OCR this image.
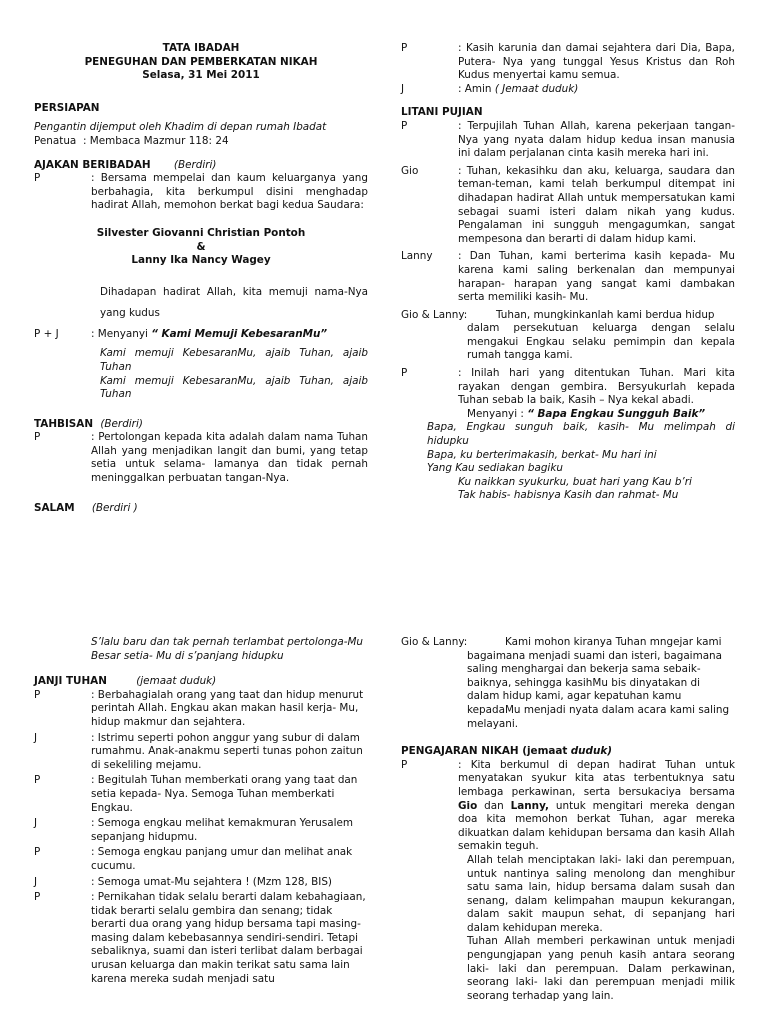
TATA IBADAH
PENEGUHAN DAN PEMBERKATAN NIKAH
Selasa, 31 Mei 2011
PERSIAPAN
Pengantin dijemput oleh Khadim di depan rumah Ibadat
Penatua : Membaca Mazmur 118: 24
AJAKAN BERIBADAH (Berdiri)
P	: Bersama mempelai dan kaum keluarganya yang berbahagia, kita berkumpul disini menghadap hadirat Allah, memohon berkat bagi kedua Saudara:
Silvester Giovanni Christian Pontoh
&
Lanny Ika Nancy Wagey
Dihadapan hadirat Allah, kita memuji nama-Nya yang kudus
P + J	: Menyanyi “ Kami Memuji KebesaranMu”
Kami memuji KebesaranMu, ajaib Tuhan, ajaib Tuhan
Kami memuji KebesaranMu, ajaib Tuhan, ajaib Tuhan
TAHBISAN (Berdiri)
P	: Pertolongan kepada kita adalah dalam nama Tuhan Allah yang menjadikan langit dan bumi, yang tetap setia untuk selama- lamanya dan tidak pernah meninggalkan perbuatan tangan-Nya.
SALAM (Berdiri )
P	: Kasih karunia dan damai sejahtera dari Dia, Bapa, Putera- Nya yang tunggal Yesus Kristus dan Roh Kudus menyertai kamu semua.
J	: Amin ( Jemaat duduk)
LITANI PUJIAN
P	: Terpujilah Tuhan Allah, karena pekerjaan tangan-Nya yang nyata dalam hidup kedua insan manusia ini dalam perjalanan cinta kasih mereka hari ini.
Gio	: Tuhan, kekasihku dan aku, keluarga, saudara dan teman-teman, kami telah berkumpul ditempat ini dihadapan hadirat Allah untuk mempersatukan kami sebagai suami isteri dalam nikah yang kudus. Pengalaman ini sungguh mengagumkan, sangat mempesona dan berarti di dalam hidup kami.
Lanny	: Dan Tuhan, kami berterima kasih kepada- Mu karena kami saling berkenalan dan mempunyai harapan- harapan yang sangat kami dambakan serta memiliki kasih- Mu.
Gio & Lanny:	Tuhan, mungkinkanlah kami berdua hidup
dalam persekutuan keluarga dengan selalu mengakui Engkau selaku pemimpin dan kepala rumah tangga kami.
P	: Inilah hari yang ditentukan Tuhan. Mari kita rayakan dengan gembira. Bersyukurlah kepada Tuhan sebab Ia baik, Kasih – Nya kekal abadi.
Menyanyi : “ Bapa Engkau Sungguh Baik”
Bapa, Engkau sunguh baik, kasih- Mu melimpah di hidupku
Bapa, ku berterimakasih, berkat- Mu hari ini
Yang Kau sediakan bagiku
Ku naikkan syukurku, buat hari yang Kau b’ri
Tak habis- habisnya Kasih dan rahmat- Mu
S’lalu baru dan tak pernah terlambat pertolonga-Mu
Besar setia- Mu di s’panjang hidupku
JANJI TUHAN	(jemaat duduk)
P	: Berbahagialah orang yang taat dan hidup menurut perintah Allah. Engkau akan makan hasil kerja- Mu, hidup makmur dan sejahtera.
J	: Istrimu seperti pohon anggur yang subur di dalam rumahmu. Anak-anakmu seperti tunas pohon zaitun di sekeliling mejamu.
P	: Begitulah Tuhan memberkati orang yang taat dan setia kepada- Nya. Semoga Tuhan memberkati Engkau.
J	: Semoga engkau melihat kemakmuran Yerusalem sepanjang hidupmu.
P	: Semoga engkau panjang umur dan melihat anak cucumu.
J	: Semoga umat-Mu sejahtera ! (Mzm 128, BIS)
P	: Pernikahan tidak selalu berarti dalam kebahagiaan, tidak berarti selalu gembira dan senang; tidak berarti dua orang yang hidup bersama tapi masing-masing dalam kebebasannya sendiri-sendiri. Tetapi sebaliknya, suami dan isteri terlibat dalam berbagai urusan keluarga dan makin terikat satu sama lain karena mereka sudah menjadi satu
Gio & Lanny:	Kami mohon kiranya Tuhan mngejar kami
bagaimana menjadi suami dan isteri, bagaimana saling menghargai dan bekerja sama sebaik-baiknya, sehingga kasihMu bis dinyatakan di dalam hidup kami, agar kepatuhan kamu kepadaMu menjadi nyata dalam acara kami saling melayani.
PENGAJARAN NIKAH (jemaat duduk)
P	: Kita berkumul di depan hadirat Tuhan untuk menyatakan syukur kita atas terbentuknya satu lembaga perkawinan, serta bersukaciya bersama Gio dan Lanny, untuk mengitari mereka dengan doa kita memohon berkat Tuhan, agar mereka dikuatkan dalam kehidupan bersama dan kasih Allah semakin teguh.
Allah telah menciptakan laki- laki dan perempuan, untuk nantinya saling menolong dan menghibur satu sama lain, hidup bersama dalam susah dan senang, dalam kelimpahan maupun kekurangan, dalam sakit maupun sehat, di sepanjang hari dalam kehidupan mereka.
Tuhan Allah memberi perkawinan untuk menjadi pengungjapan yang penuh kasih antara seorang laki- laki dan perempuan. Dalam perkawinan, seorang laki- laki dan perempuan menjadi milik seorang terhadap yang lain.
